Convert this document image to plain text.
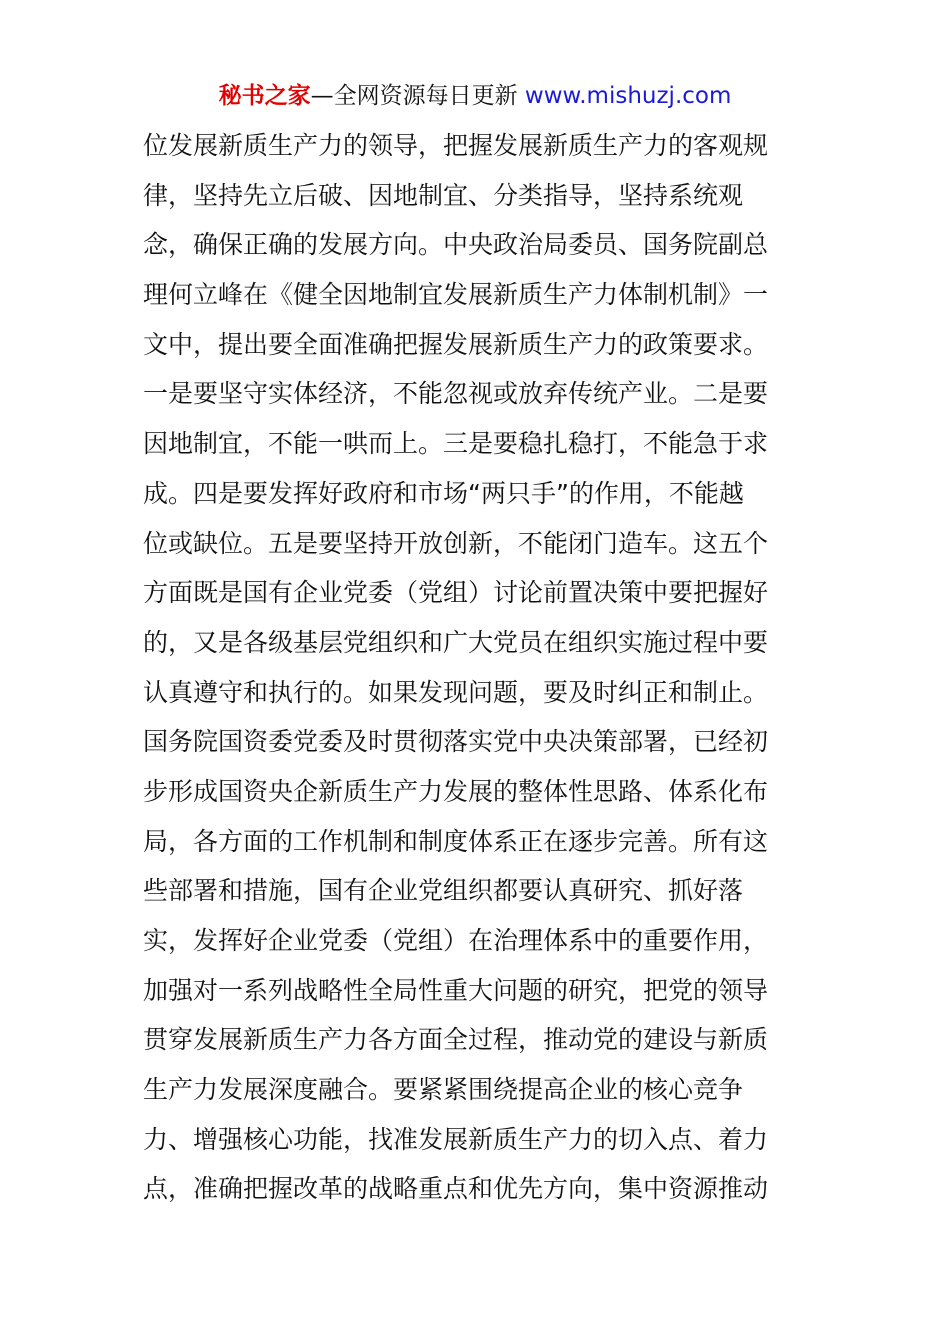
秘书之家—全网资源每日更新 www.mishuzj.com
位发展新质生产力的领导，把握发展新质生产力的客观规
律，坚持先立后破、因地制宜、分类指导，坚持系统观
念，确保正确的发展方向。中央政治局委员、国务院副总
理何立峰在《健全因地制宜发展新质生产力体制机制》一
文中，提出要全面准确把握发展新质生产力的政策要求。
一是要坚守实体经济，不能忽视或放弃传统产业。二是要
因地制宜，不能一哄而上。三是要稳扎稳打，不能急于求
成。四是要发挥好政府和市场“两只手”的作用，不能越
位或缺位。五是要坚持开放创新，不能闭门造车。这五个
方面既是国有企业党委（党组）讨论前置决策中要把握好
的，又是各级基层党组织和广大党员在组织实施过程中要
认真遵守和执行的。如果发现问题，要及时纠正和制止。
国务院国资委党委及时贯彻落实党中央决策部署，已经初
步形成国资央企新质生产力发展的整体性思路、体系化布
局，各方面的工作机制和制度体系正在逐步完善。所有这
些部署和措施，国有企业党组织都要认真研究、抓好落
实，发挥好企业党委（党组）在治理体系中的重要作用，
加强对一系列战略性全局性重大问题的研究，把党的领导
贯穿发展新质生产力各方面全过程，推动党的建设与新质
生产力发展深度融合。要紧紧围绕提高企业的核心竞争
力、增强核心功能，找准发展新质生产力的切入点、着力
点，准确把握改革的战略重点和优先方向，集中资源推动
